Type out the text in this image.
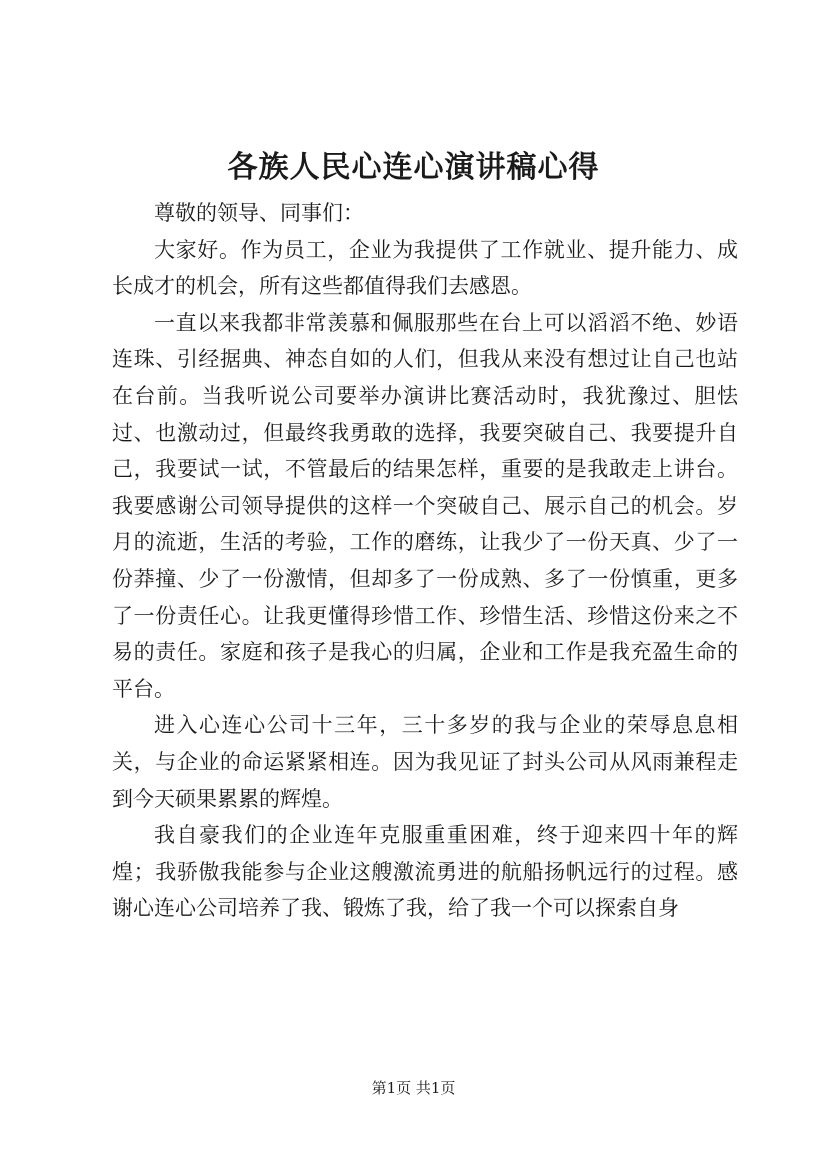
各族人民心连心演讲稿心得

尊敬的领导、同事们：

大家好。作为员工，企业为我提供了工作就业、提升能力、成长成才的机会，所有这些都值得我们去感恩。

一直以来我都非常羡慕和佩服那些在台上可以滔滔不绝、妙语连珠、引经据典、神态自如的人们，但我从来没有想过让自己也站在台前。当我听说公司要举办演讲比赛活动时，我犹豫过、胆怯过、也激动过，但最终我勇敢的选择，我要突破自己、我要提升自己，我要试一试，不管最后的结果怎样，重要的是我敢走上讲台。我要感谢公司领导提供的这样一个突破自己、展示自己的机会。岁月的流逝，生活的考验，工作的磨练，让我少了一份天真、少了一份莽撞、少了一份激情，但却多了一份成熟、多了一份慎重，更多了一份责任心。让我更懂得珍惜工作、珍惜生活、珍惜这份来之不易的责任。家庭和孩子是我心的归属，企业和工作是我充盈生命的平台。

进入心连心公司十三年，三十多岁的我与企业的荣辱息息相关，与企业的命运紧紧相连。因为我见证了封头公司从风雨兼程走到今天硕果累累的辉煌。

我自豪我们的企业连年克服重重困难，终于迎来四十年的辉煌；我骄傲我能参与企业这艘激流勇进的航船扬帆远行的过程。感谢心连心公司培养了我、锻炼了我，给了我一个可以探索自身

第1页 共1页
